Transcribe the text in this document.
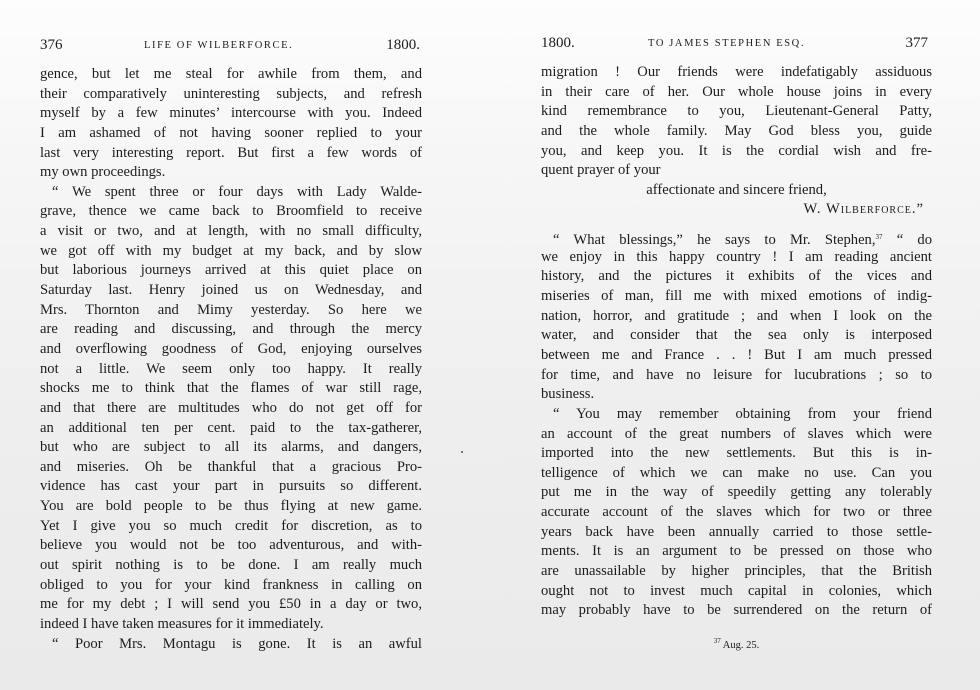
376	LIFE OF WILBERFORCE.	1800.
gence, but let me steal for awhile from them, and
their comparatively uninteresting subjects, and refresh
myself by a few minutes’ intercourse with you. Indeed
I am ashamed of not having sooner replied to your
last very interesting report. But first a few words of
my own proceedings.
“ We spent three or four days with Lady Walde-
grave, thence we came back to Broomfield to receive
a visit or two, and at length, with no small difficulty,
we got off with my budget at my back, and by slow
but laborious journeys arrived at this quiet place on
Saturday last. Henry joined us on Wednesday, and
Mrs. Thornton and Mimy yesterday. So here we
are reading and discussing, and through the mercy
and overflowing goodness of God, enjoying ourselves
not a little. We seem only too happy. It really
shocks me to think that the flames of war still rage,
and that there are multitudes who do not get off for
an additional ten per cent. paid to the tax-gatherer,
but who are subject to all its alarms, and dangers,
and miseries. Oh be thankful that a gracious Pro-
vidence has cast your part in pursuits so different.
You are bold people to be thus flying at new game.
Yet I give you so much credit for discretion, as to
believe you would not be too adventurous, and with-
out spirit nothing is to be done. I am really much
obliged to you for your kind frankness in calling on
me for my debt ; I will send you £50 in a day or two,
indeed I have taken measures for it immediately.
“ Poor Mrs. Montagu is gone. It is an awful
1800.	TO JAMES STEPHEN ESQ.	377
migration ! Our friends were indefatigably assiduous
in their care of her. Our whole house joins in every
kind remembrance to you, Lieutenant-General Patty,
and the whole family. May God bless you, guide
you, and keep you. It is the cordial wish and fre-
quent prayer of your
affectionate and sincere friend,
W. Wilberforce.”
“ What blessings,” he says to Mr. Stephen,$^{37}$ “ do
we enjoy in this happy country ! I am reading ancient
history, and the pictures it exhibits of the vices and
miseries of man, fill me with mixed emotions of indig-
nation, horror, and gratitude ; and when I look on the
water, and consider that the sea only is interposed
between me and France . . ! But I am much pressed
for time, and have no leisure for lucubrations ; so to
business.
“ You may remember obtaining from your friend
an account of the great numbers of slaves which were
imported into the new settlements. But this is in-
telligence of which we can make no use. Can you
put me in the way of speedily getting any tolerably
accurate account of the slaves which for two or three
years back have been annually carried to those settle-
ments. It is an argument to be pressed on those who
are unassailable by higher principles, that the British
ought not to invest much capital in colonies, which
may probably have to be surrendered on the return of
$^{37}$ Aug. 25.
